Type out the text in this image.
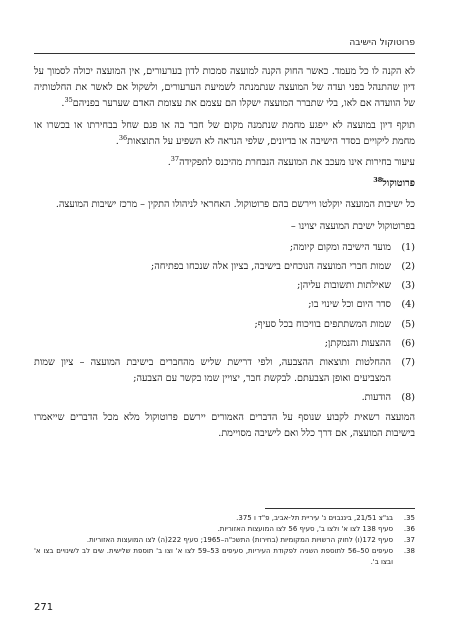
פרוטוקול הישיבה

לא הקנה לו כל מעמד. כאשר החוק הקנה למועצה סמכות לדון בערעורים, אין המועצה יכולה לסמוך על דיון שהתנהל בפני ועדה של המועצה שנתמנתה לשמיעת הערעורים, ולשקול אם לאשר את החלטותיה של הוועדה אם לאו, בלי שתברר המועצה ישקלו הם עצמם את עצומת האדם שערער בפניהם$^{35}$.

תוקף דיון במועצה לא ייפגע מחמת שנתמנה מקום של חבר בה או פגם שחל בבחירתו או בכשרו או מחמת ליקויים בסדר הישיבה או בדיונים, שלפי הנראה לא השפיע על התוצאות$^{36}$.

עיעור בחירות אינו מעכב את המועצה הנבחרת מהיכנס לתפקידה$^{37}$.

פרוטוקול$^{38}$

כל ישיבות המועצה יוקלטו ויירשם בהם פרוטוקול. האחראי לניהולו התקין – מרכז ישיבות המועצה.

בפרוטוקול ישיבת המועצה יצוינו –

(1)
מועד הישיבה ומקום קיומה;
(2)
שמות חברי המועצה הנוכחים בישיבה, בציון אלה שנכחו בפתיחה;
(3)
שאילתות ותשובות עליהן;
(4)
סדר היום וכל שינוי בו;
(5)
שמות המשתתפים בוויכוח בכל סעיף;
(6)
ההצעות והנמקתן;
(7)
ההחלטות ותוצאות ההצבעה, ולפי דרישת שליש מהחברים בישיבת המועצה – ציון שמות המצביעים ואופן הצבעתם. לבקשת חבר, יצויין שמו בקשר עם הצבעה;
(8)
הודעות.

המועצה רשאית לקבוע שנוסף על הדברים האמורים יירשם פרוטוקול מלא מכל הדברים שייאמרו בישיבות המועצה, אם דרך כלל ואם לישיבה מסויימת.

35.
בג"צ 21/51, ביננבוים נ' עיריית תל-אביב, פ"ד ו 375.
36.
סעיף 138 לצו א' ולצו ב', סעיף 56 לצו המועצות האזוריות.
37.
סעיף 172(ו) לחוק הרשויות המקומיות (בחירות) התשכ"ה–1965; סעיף 222(ה) לצו המועצות האזוריות.
38.
סעיפים 50–56 לתוספת השניה לפקודת העיריות, סעיפים 53–59 לצו א' וצו ב' תוספת שלישית. שים לב לשינויים בצו א' ובצו ב'.
271
